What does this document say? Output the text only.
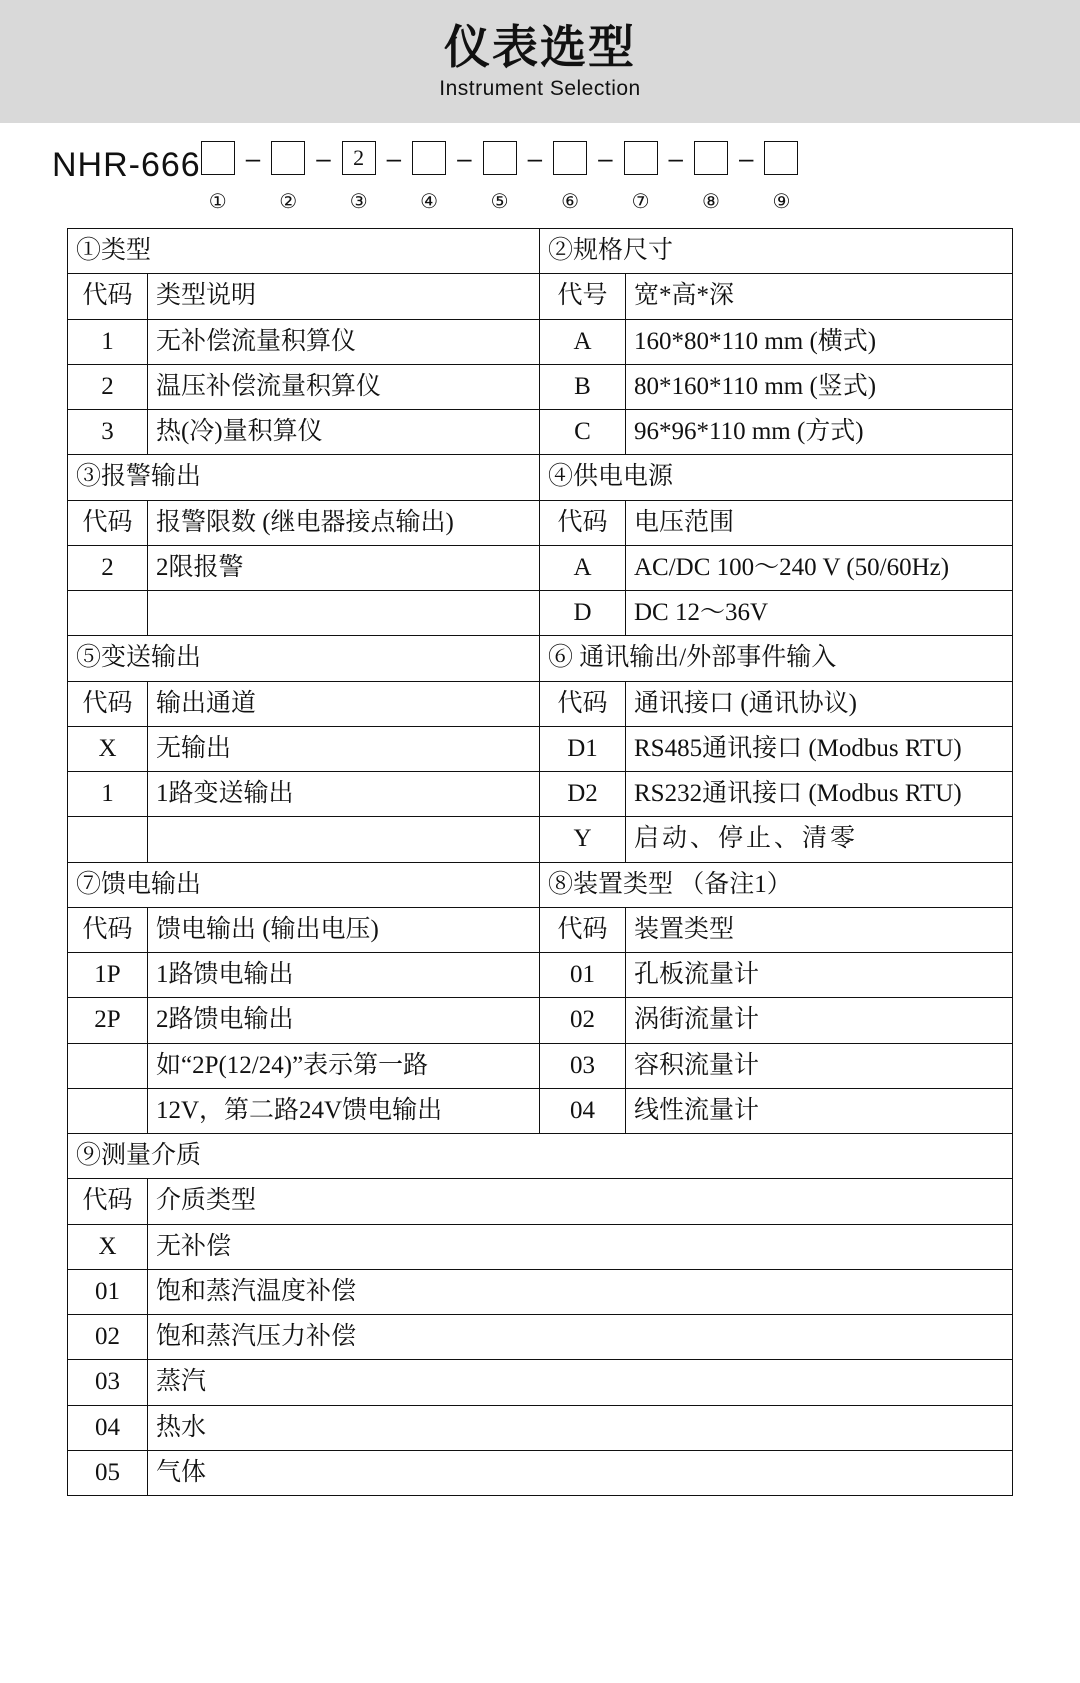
仪表选型
Instrument Selection
NHR-666
①
–
②
–	2
③
–
④
–
⑤
–
⑥
–
⑦
–
⑧
–
⑨
①类型		②规格尺寸	
代码	类型说明	代号	宽*高*深
1	无补偿流量积算仪	A	160*80*110 mm (横式)
2	温压补偿流量积算仪	B	80*160*110 mm (竖式)
3	热(冷)量积算仪	C	96*96*110 mm (方式)
③报警输出		④供电电源	
代码	报警限数 (继电器接点输出)	代码	电压范围
2	2限报警	A	AC/DC 100～240 V (50/60Hz)
		D	DC 12～36V
⑤变送输出		⑥ 通讯输出/外部事件输入	
代码	输出通道	代码	通讯接口 (通讯协议)
X	无输出	D1	RS485通讯接口 (Modbus RTU)
1	1路变送输出	D2	RS232通讯接口 (Modbus RTU)
		Y	启动、停止、清零
⑦馈电输出		⑧装置类型 （备注1）	
代码	馈电输出 (输出电压)	代码	装置类型
1P	1路馈电输出	01	孔板流量计
2P	2路馈电输出	02	涡街流量计
	如“2P(12/24)”表示第一路	03	容积流量计
	12V，第二路24V馈电输出	04	线性流量计
⑨测量介质			
代码	介质类型		
X	无补偿		
01	饱和蒸汽温度补偿		
02	饱和蒸汽压力补偿		
03	蒸汽		
04	热水		
05	气体		
